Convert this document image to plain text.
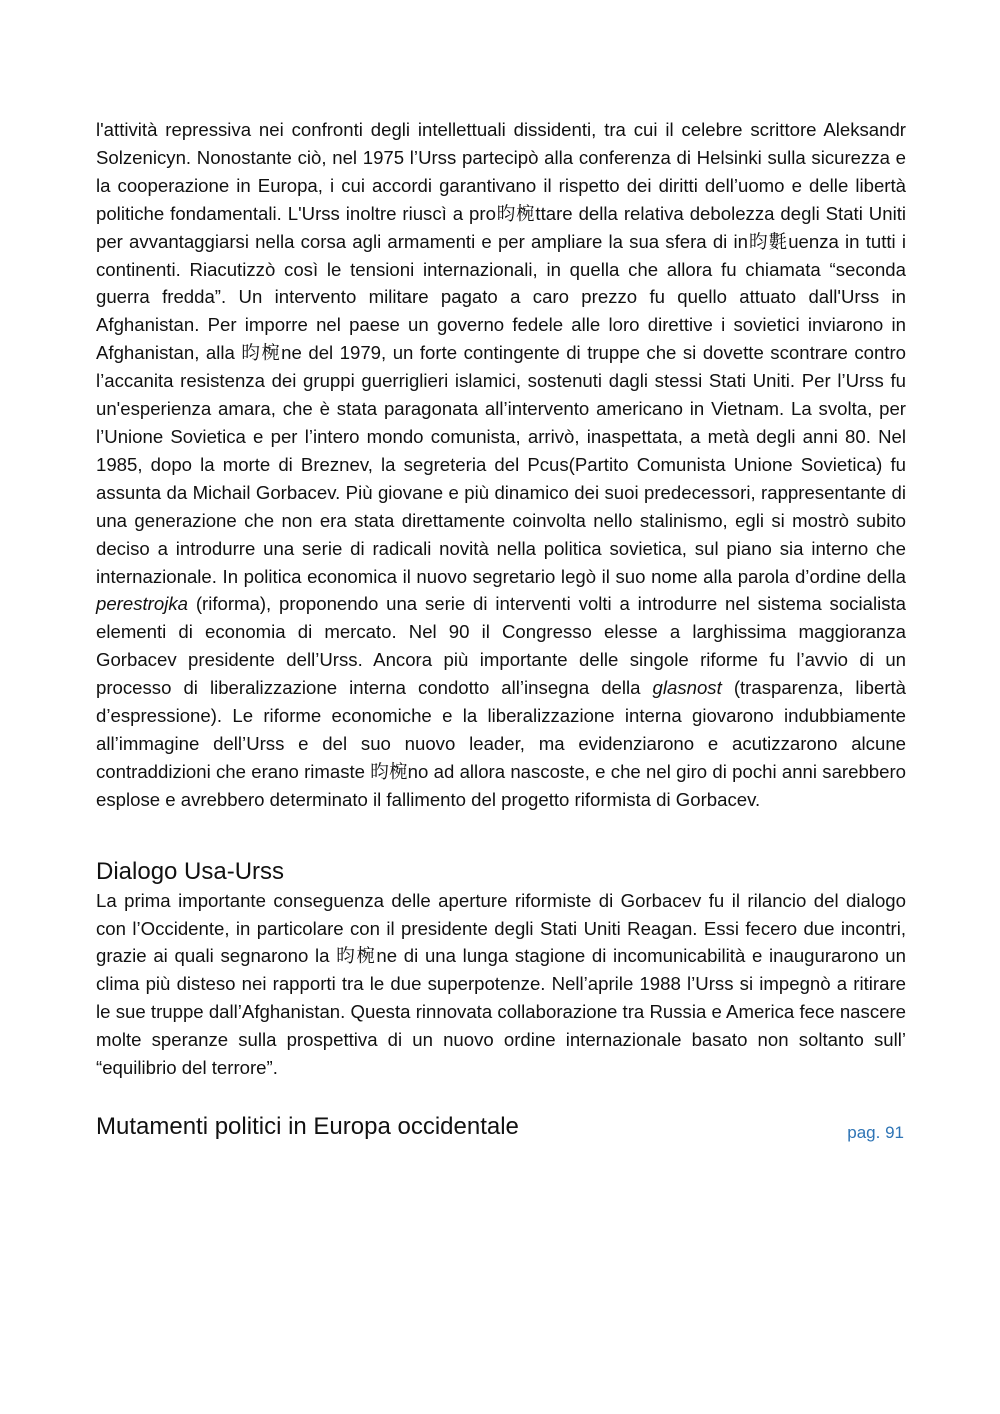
l'attività repressiva nei confronti degli intellettuali dissidenti, tra cui il celebre scrittore Aleksandr Solzenicyn. Nonostante ciò, nel 1975 l’Urss partecipò alla conferenza di Helsinki sulla sicurezza e la cooperazione in Europa, i cui accordi garantivano il rispetto dei diritti dell’uomo e delle libertà politiche fondamentali. L'Urss inoltre riuscì a pro昀椀ttare della relativa debolezza degli Stati Uniti per avvantaggiarsi nella corsa agli armamenti e per ampliare la sua sfera di in昀氀uenza in tutti i continenti. Riacutizzò così le tensioni internazionali, in quella che allora fu chiamata “seconda guerra fredda”. Un intervento militare pagato a caro prezzo fu quello attuato dall'Urss in Afghanistan. Per imporre nel paese un governo fedele alle loro direttive i sovietici inviarono in Afghanistan, alla 昀椀ne del 1979, un forte contingente di truppe che si dovette scontrare contro l’accanita resistenza dei gruppi guerriglieri islamici, sostenuti dagli stessi Stati Uniti. Per l’Urss fu un'esperienza amara, che è stata paragonata all’intervento americano in Vietnam. La svolta, per l’Unione Sovietica e per l’intero mondo comunista, arrivò, inaspettata, a metà degli anni 80. Nel 1985, dopo la morte di Breznev, la segreteria del Pcus(Partito Comunista Unione Sovietica) fu assunta da Michail Gorbacev. Più giovane e più dinamico dei suoi predecessori, rappresentante di una generazione che non era stata direttamente coinvolta nello stalinismo, egli si mostrò subito deciso a introdurre una serie di radicali novità nella politica sovietica, sul piano sia interno che internazionale. In politica economica il nuovo segretario legò il suo nome alla parola d’ordine della perestrojka (riforma), proponendo una serie di interventi volti a introdurre nel sistema socialista elementi di economia di mercato. Nel 90 il Congresso elesse a larghissima maggioranza Gorbacev presidente dell’Urss. Ancora più importante delle singole riforme fu l’avvio di un processo di liberalizzazione interna condotto all’insegna della glasnost (trasparenza, libertà d’espressione). Le riforme economiche e la liberalizzazione interna giovarono indubbiamente all’immagine dell’Urss e del suo nuovo leader, ma evidenziarono e acutizzarono alcune contraddizioni che erano rimaste 昀椀no ad allora nascoste, e che nel giro di pochi anni sarebbero esplose e avrebbero determinato il fallimento del progetto riformista di Gorbacev.

Dialogo Usa-Urss

La prima importante conseguenza delle aperture riformiste di Gorbacev fu il rilancio del dialogo con l’Occidente, in particolare con il presidente degli Stati Uniti Reagan. Essi fecero due incontri, grazie ai quali segnarono la 昀椀ne di una lunga stagione di incomunicabilità e inaugurarono un clima più disteso nei rapporti tra le due superpotenze. Nell’aprile 1988 l’Urss si impegnò a ritirare le sue truppe dall’Afghanistan. Questa rinnovata collaborazione tra Russia e America fece nascere molte speranze sulla prospettiva di un nuovo ordine internazionale basato non soltanto sull’ “equilibrio del terrore”.

Mutamenti politici in Europa occidentale	pag. 91
